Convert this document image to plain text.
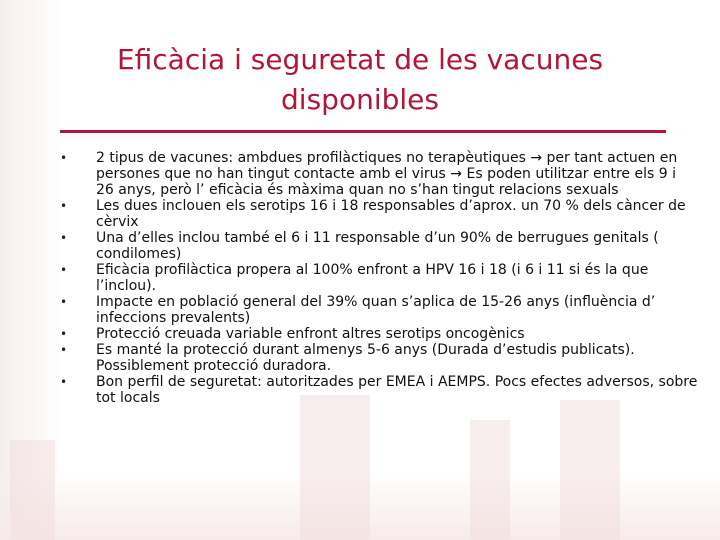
Eficàcia i seguretat de les vacunes
disponibles
• 2 tipus de vacunes: ambdues profilàctiques no terapèutiques → per tant actuen en persones que no han tingut contacte amb el virus → Es poden utilitzar entre els 9 i 26 anys, però l’ eficàcia és màxima quan no s’han tingut relacions sexuals
• Les dues inclouen els serotips 16 i 18 responsables d’aprox. un 70 % dels càncer de cèrvix
• Una d’elles inclou també el 6 i 11 responsable d’un 90% de berrugues genitals ( condilomes)
• Eficàcia profilàctica propera al 100% enfront a HPV 16 i 18 (i 6 i 11 si és la que l’inclou).
• Impacte en població general del 39% quan s’aplica de 15-26 anys (influència d’ infeccions prevalents)
• Protecció creuada variable enfront altres serotips oncogènics
• Es manté la protecció durant almenys 5-6 anys (Durada d’estudis publicats). Possiblement protecció duradora.
• Bon perfil de seguretat: autoritzades per EMEA i AEMPS. Pocs efectes adversos, sobre tot locals
